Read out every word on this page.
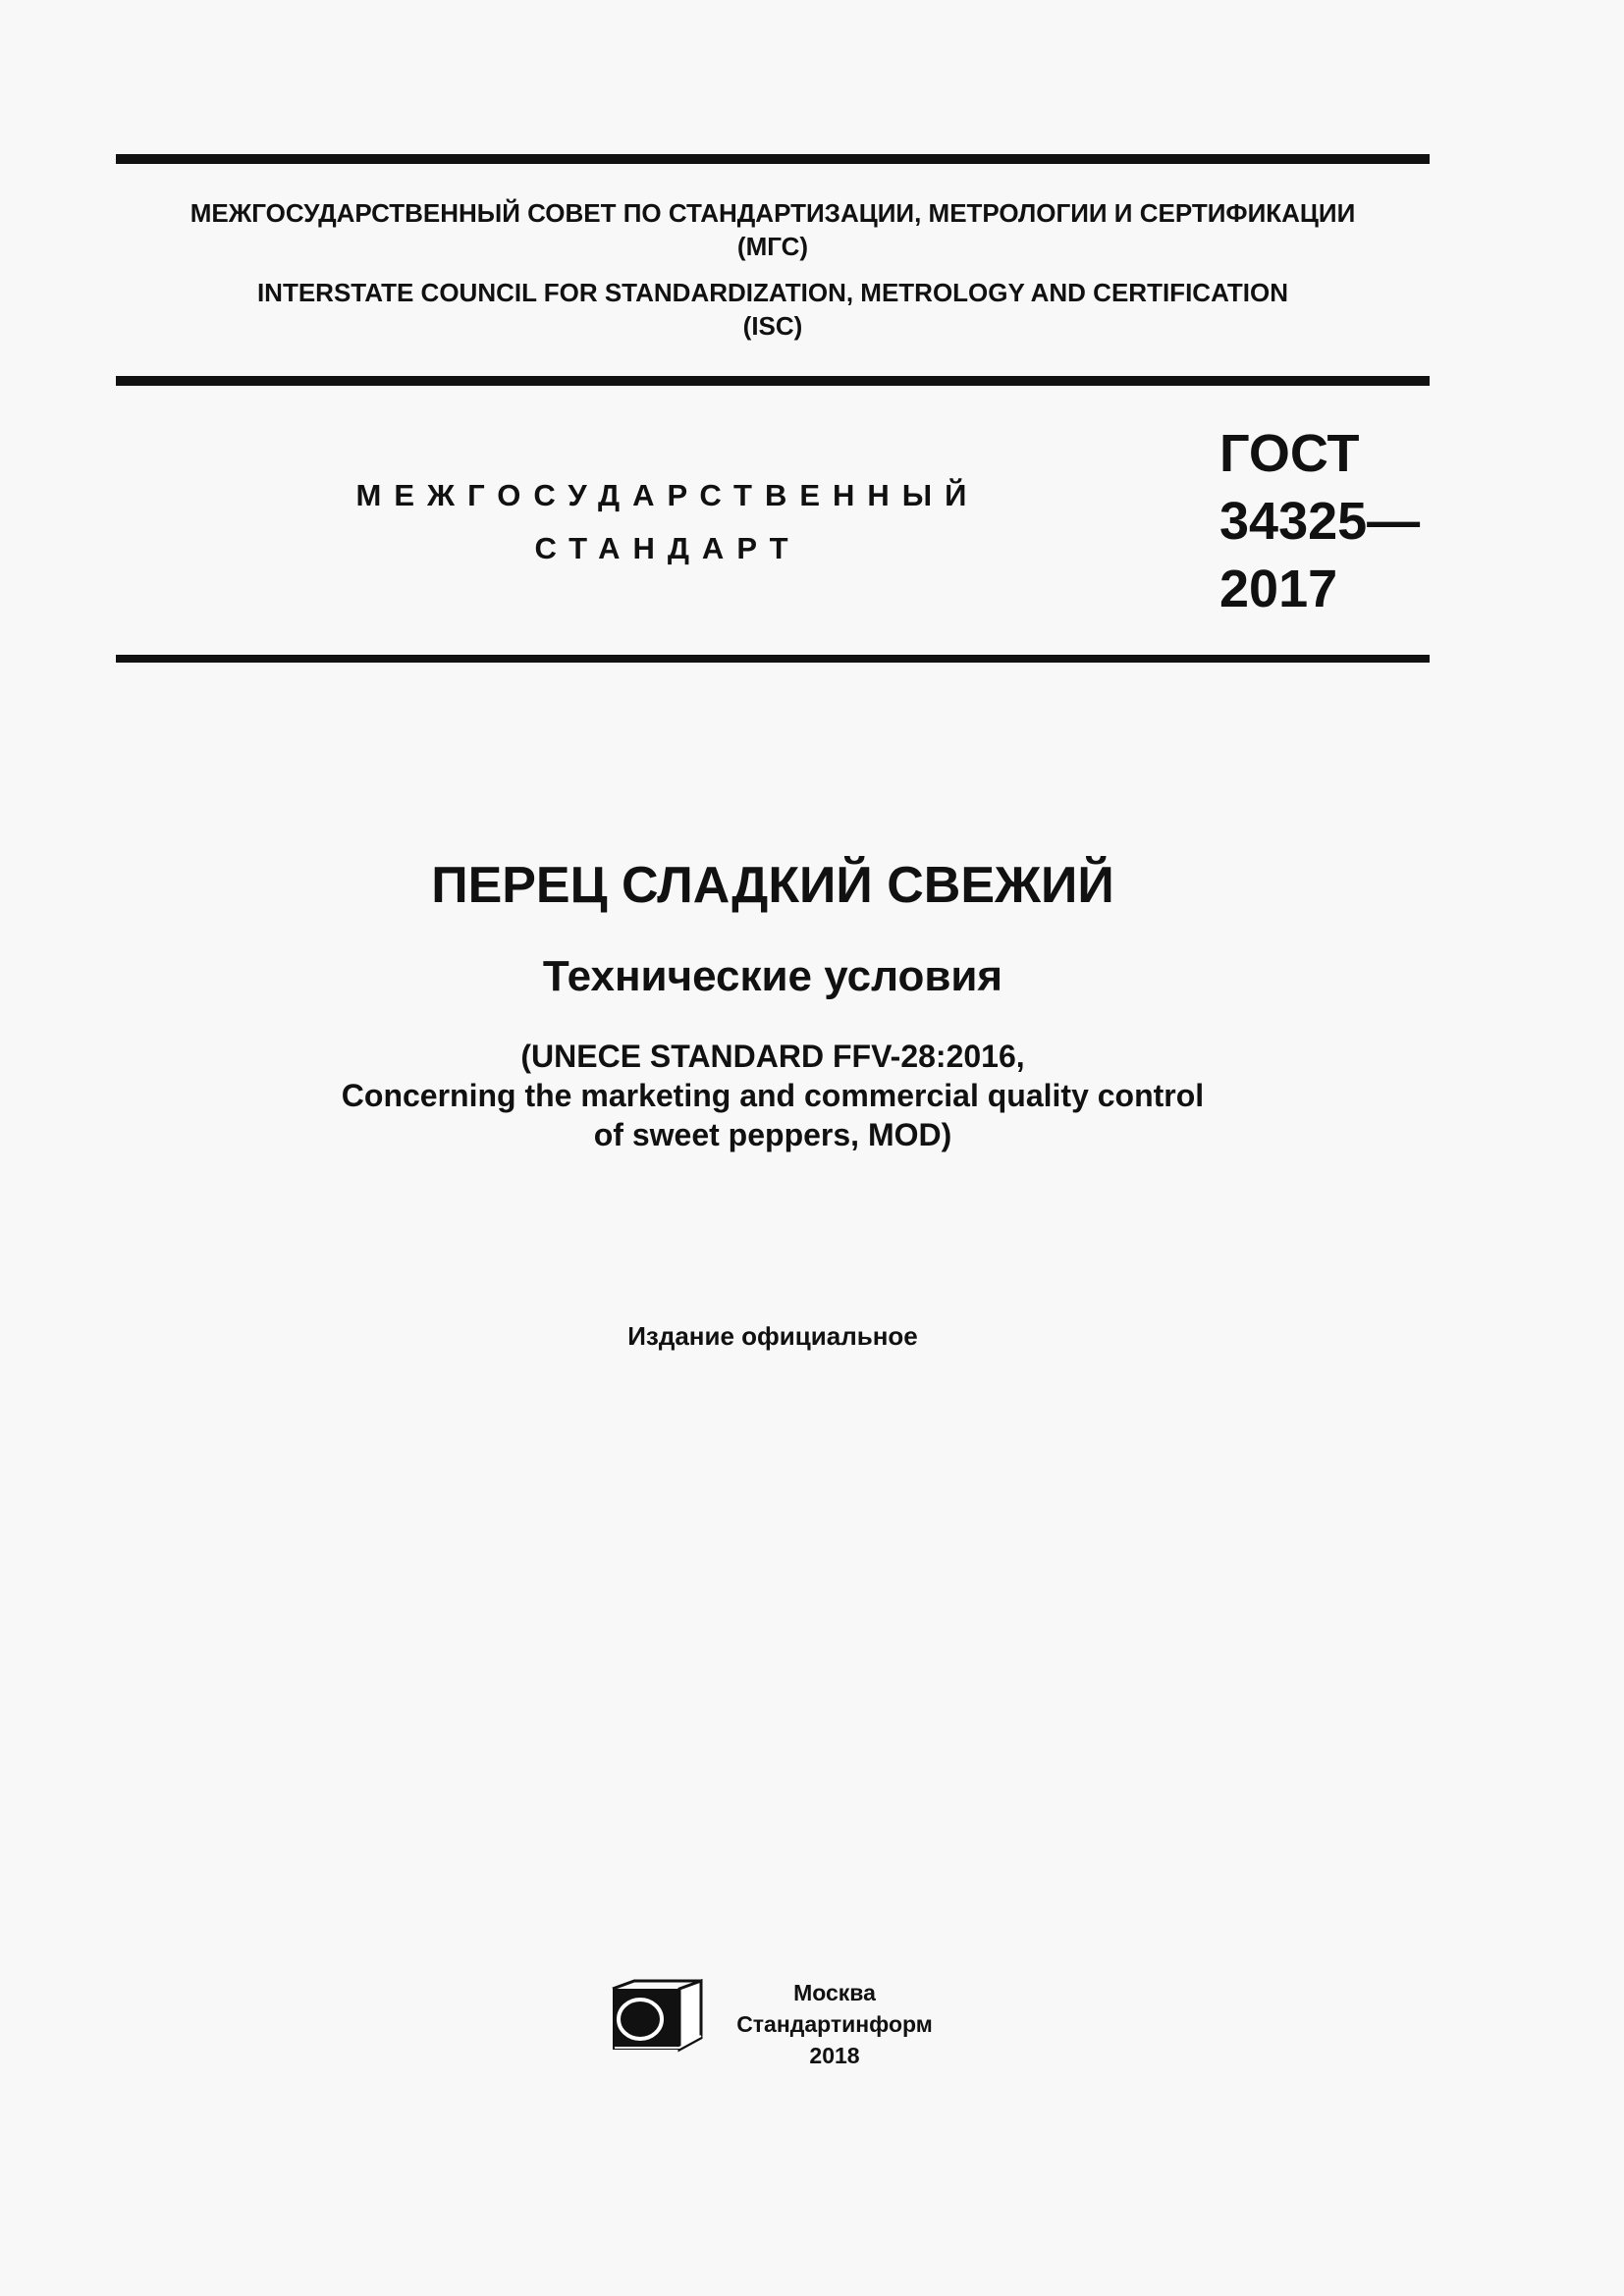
МЕЖГОСУДАРСТВЕННЫЙ СОВЕТ ПО СТАНДАРТИЗАЦИИ, МЕТРОЛОГИИ И СЕРТИФИКАЦИИ
(МГС)
INTERSTATE COUNCIL FOR STANDARDIZATION, METROLOGY AND CERTIFICATION
(ISC)
МЕЖГОСУДАРСТВЕННЫЙ
СТАНДАРТ
ГОСТ
34325—
2017
ПЕРЕЦ СЛАДКИЙ СВЕЖИЙ
Технические условия
(UNECE STANDARD FFV-28:2016,
Concerning the marketing and commercial quality control
of sweet peppers, MOD)
Издание официальное
Москва
Стандартинформ
2018
